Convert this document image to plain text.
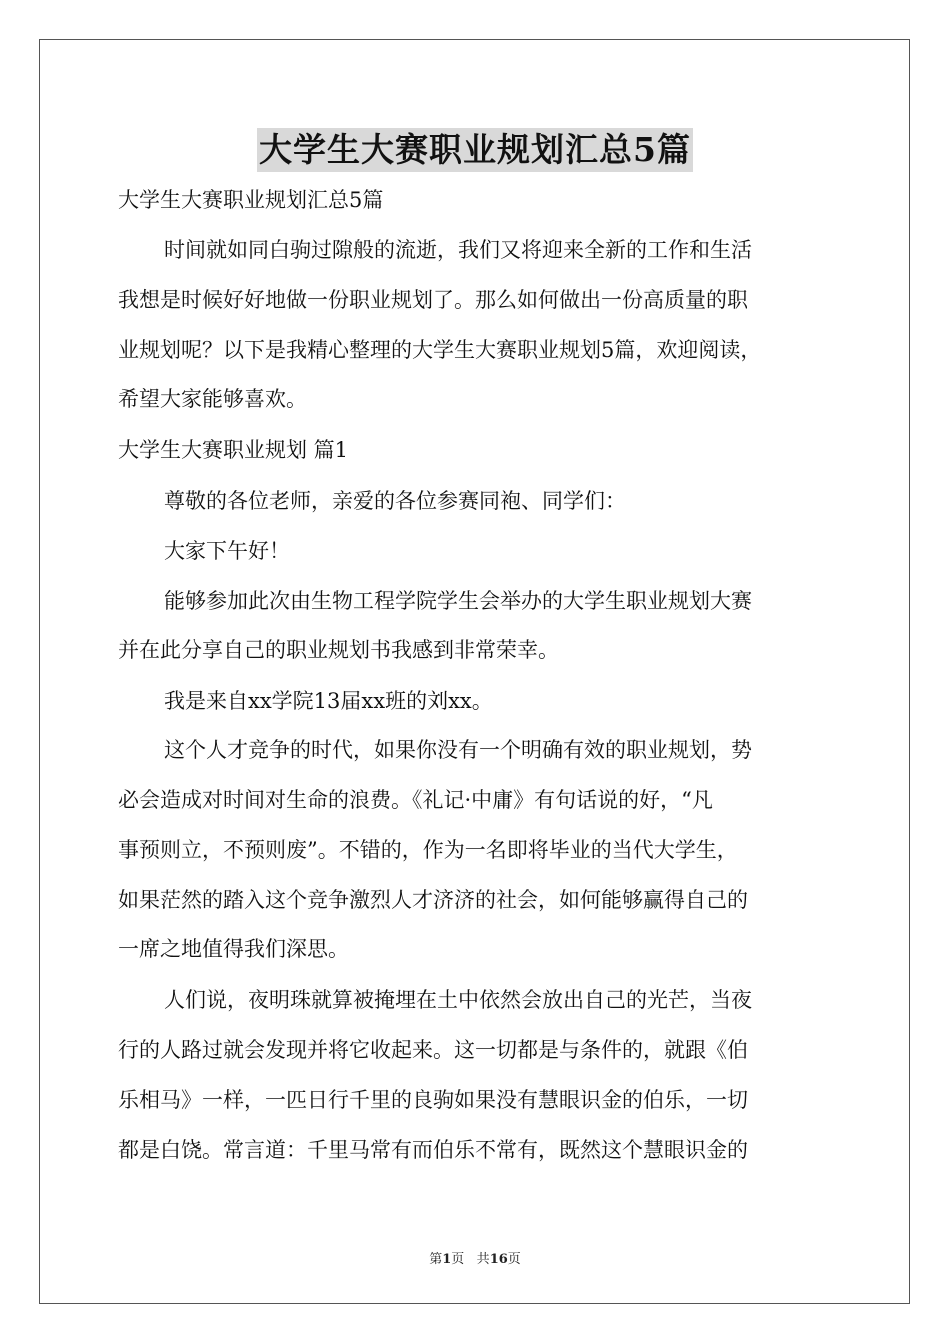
大学生大赛职业规划汇总5篇
大学生大赛职业规划汇总5篇
时间就如同白驹过隙般的流逝，我们又将迎来全新的工作和生活
我想是时候好好地做一份职业规划了。那么如何做出一份高质量的职
业规划呢？以下是我精心整理的大学生大赛职业规划5篇，欢迎阅读，
希望大家能够喜欢。
大学生大赛职业规划 篇1
尊敬的各位老师，亲爱的各位参赛同袍、同学们：
大家下午好！
能够参加此次由生物工程学院学生会举办的大学生职业规划大赛
并在此分享自己的职业规划书我感到非常荣幸。
我是来自xx学院13届xx班的刘xx。
这个人才竞争的时代，如果你没有一个明确有效的职业规划，势
必会造成对时间对生命的浪费。《礼记·中庸》有句话说的好，“凡
事预则立，不预则废”。不错的，作为一名即将毕业的当代大学生，
如果茫然的踏入这个竞争激烈人才济济的社会，如何能够赢得自己的
一席之地值得我们深思。
人们说，夜明珠就算被掩埋在土中依然会放出自己的光芒，当夜
行的人路过就会发现并将它收起来。这一切都是与条件的，就跟《伯
乐相马》一样，一匹日行千里的良驹如果没有慧眼识金的伯乐，一切
都是白饶。常言道：千里马常有而伯乐不常有，既然这个慧眼识金的
第1页 共16页
